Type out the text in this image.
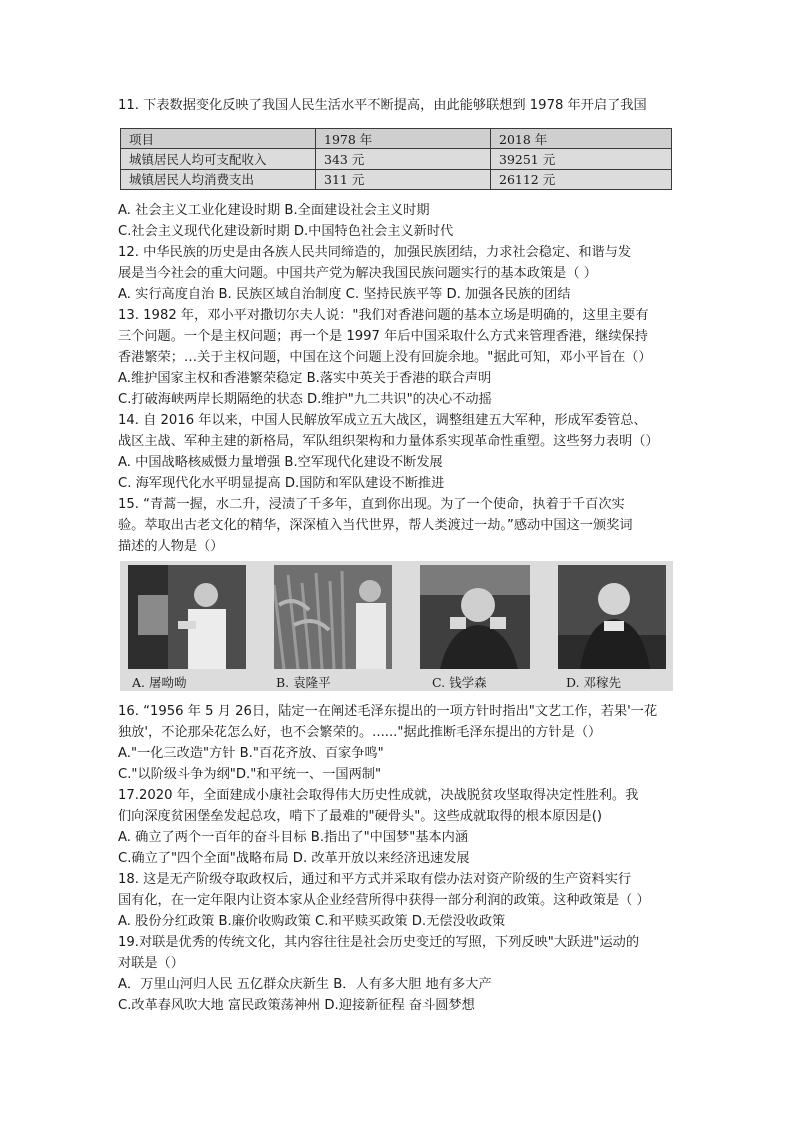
11. 下表数据变化反映了我国人民生活水平不断提高，由此能够联想到 1978 年开启了我国
项目	1978 年	2018 年
城镇居民人均可支配收入	343 元	39251 元
城镇居民人均消费支出	311 元	26112 元
A. 社会主义工业化建设时期 B.全面建设社会主义时期
C.社会主义现代化建设新时期 D.中国特色社会主义新时代
12. 中华民族的历史是由各族人民共同缔造的，加强民族团结，力求社会稳定、和谐与发
展是当今社会的重大问题。中国共产党为解决我国民族问题实行的基本政策是（ ）
A. 实行高度自治 B. 民族区域自治制度 C. 坚持民族平等 D. 加强各民族的团结
13. 1982 年，邓小平对撒切尔夫人说："我们对香港问题的基本立场是明确的，这里主要有
三个问题。一个是主权问题；再一个是 1997 年后中国采取什么方式来管理香港，继续保持
香港繁荣；…关于主权问题，中国在这个问题上没有回旋余地。"据此可知，邓小平旨在（）
A.维护国家主权和香港繁荣稳定 B.落实中英关于香港的联合声明
C.打破海峡两岸长期隔绝的状态 D.维护"九二共识"的决心不动摇
14. 自 2016 年以来，中国人民解放军成立五大战区，调整组建五大军种，形成军委管总、
战区主战、军种主建的新格局，军队组织架构和力量体系实现革命性重塑。这些努力表明（）
A. 中国战略核威慑力量增强 B.空军现代化建设不断发展
C. 海军现代化水平明显提高 D.国防和军队建设不断推进
15. “青蒿一握，水二升，浸渍了千多年，直到你出现。为了一个使命，执着于千百次实
验。萃取出古老文化的精华，深深植入当代世界，帮人类渡过一劫。”感动中国这一颁奖词
描述的人物是（）
A. 屠呦呦	B. 袁隆平	C. 钱学森	D. 邓稼先
16. “1956 年 5 月 26日，陆定一在阐述毛泽东提出的一项方针时指出"文艺工作，若果'一花
独放'，不论那朵花怎么好，也不会繁荣的。......"据此推断毛泽东提出的方针是（）
A."一化三改造"方针 B."百花齐放、百家争鸣"
C."以阶级斗争为纲"D."和平统一、一国两制"
17.2020 年，全面建成小康社会取得伟大历史性成就，决战脱贫攻坚取得决定性胜利。我
们向深度贫困堡垒发起总攻，啃下了最难的"硬骨头"。这些成就取得的根本原因是()
A. 确立了两个一百年的奋斗目标 B.指出了"中国梦"基本内涵
C.确立了"四个全面"战略布局 D. 改革开放以来经济迅速发展
18. 这是无产阶级夺取政权后，通过和平方式并采取有偿办法对资产阶级的生产资料实行
国有化，在一定年限内让资本家从企业经营所得中获得一部分利润的政策。这种政策是（ ）
A. 股份分红政策 B.廉价收购政策 C.和平赎买政策 D.无偿没收政策
19.对联是优秀的传统文化，其内容往往是社会历史变迁的写照，下列反映"大跃进"运动的
对联是（）
A．万里山河归人民 五亿群众庆新生 B．人有多大胆 地有多大产
C.改革春风吹大地 富民政策荡神州 D.迎接新征程 奋斗圆梦想
